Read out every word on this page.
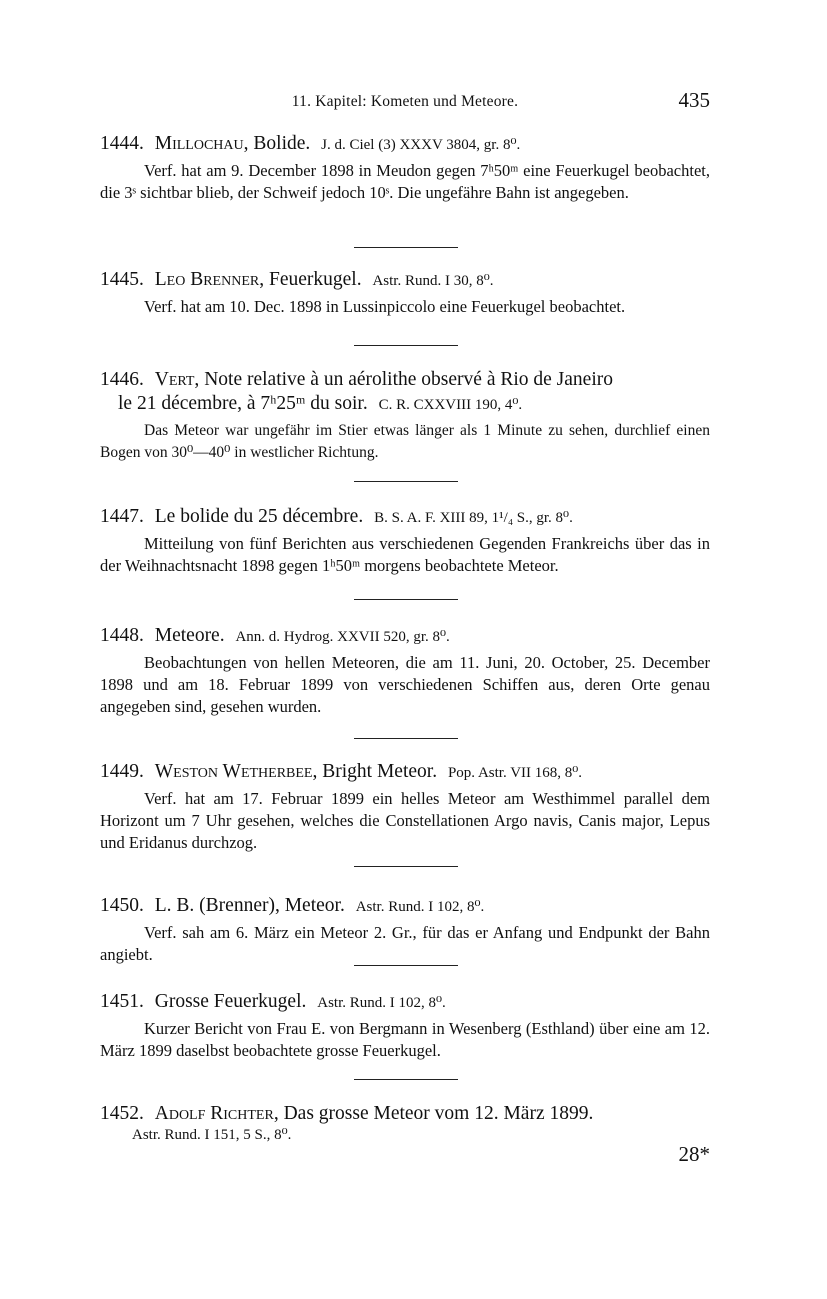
11. Kapitel: Kometen und Meteore.	435
1444. Millochau, Bolide. J. d. Ciel (3) XXXV 3804, gr. 8⁰.
Verf. hat am 9. December 1898 in Meudon gegen 7ʰ50ᵐ eine Feuerkugel beobachtet, die 3ˢ sichtbar blieb, der Schweif jedoch 10ˢ. Die ungefähre Bahn ist angegeben.
1445. Leo Brenner, Feuerkugel. Astr. Rund. I 30, 8⁰.
Verf. hat am 10. Dec. 1898 in Lussinpiccolo eine Feuerkugel beobachtet.
1446. Vert, Note relative à un aérolithe observé à Rio de Janeiro
le 21 décembre, à 7ʰ25ᵐ du soir. C. R. CXXVIII 190, 4⁰.
Das Meteor war ungefähr im Stier etwas länger als 1 Minute zu sehen, durchlief einen Bogen von 30⁰—40⁰ in westlicher Richtung.
1447. Le bolide du 25 décembre. B. S. A. F. XIII 89, 1¹/₄ S., gr. 8⁰.
Mitteilung von fünf Berichten aus verschiedenen Gegenden Frankreichs über das in der Weihnachtsnacht 1898 gegen 1ʰ50ᵐ morgens beobachtete Meteor.
1448. Meteore. Ann. d. Hydrog. XXVII 520, gr. 8⁰.
Beobachtungen von hellen Meteoren, die am 11. Juni, 20. October, 25. December 1898 und am 18. Februar 1899 von verschiedenen Schiffen aus, deren Orte genau angegeben sind, gesehen wurden.
1449. Weston Wetherbee, Bright Meteor. Pop. Astr. VII 168, 8⁰.
Verf. hat am 17. Februar 1899 ein helles Meteor am Westhimmel parallel dem Horizont um 7 Uhr gesehen, welches die Constellationen Argo navis, Canis major, Lepus und Eridanus durchzog.
1450. L. B. (Brenner), Meteor. Astr. Rund. I 102, 8⁰.
Verf. sah am 6. März ein Meteor 2. Gr., für das er Anfang und Endpunkt der Bahn angiebt.
1451. Grosse Feuerkugel. Astr. Rund. I 102, 8⁰.
Kurzer Bericht von Frau E. von Bergmann in Wesenberg (Esthland) über eine am 12. März 1899 daselbst beobachtete grosse Feuerkugel.
1452. Adolf Richter, Das grosse Meteor vom 12. März 1899.
Astr. Rund. I 151, 5 S., 8⁰.
28*
